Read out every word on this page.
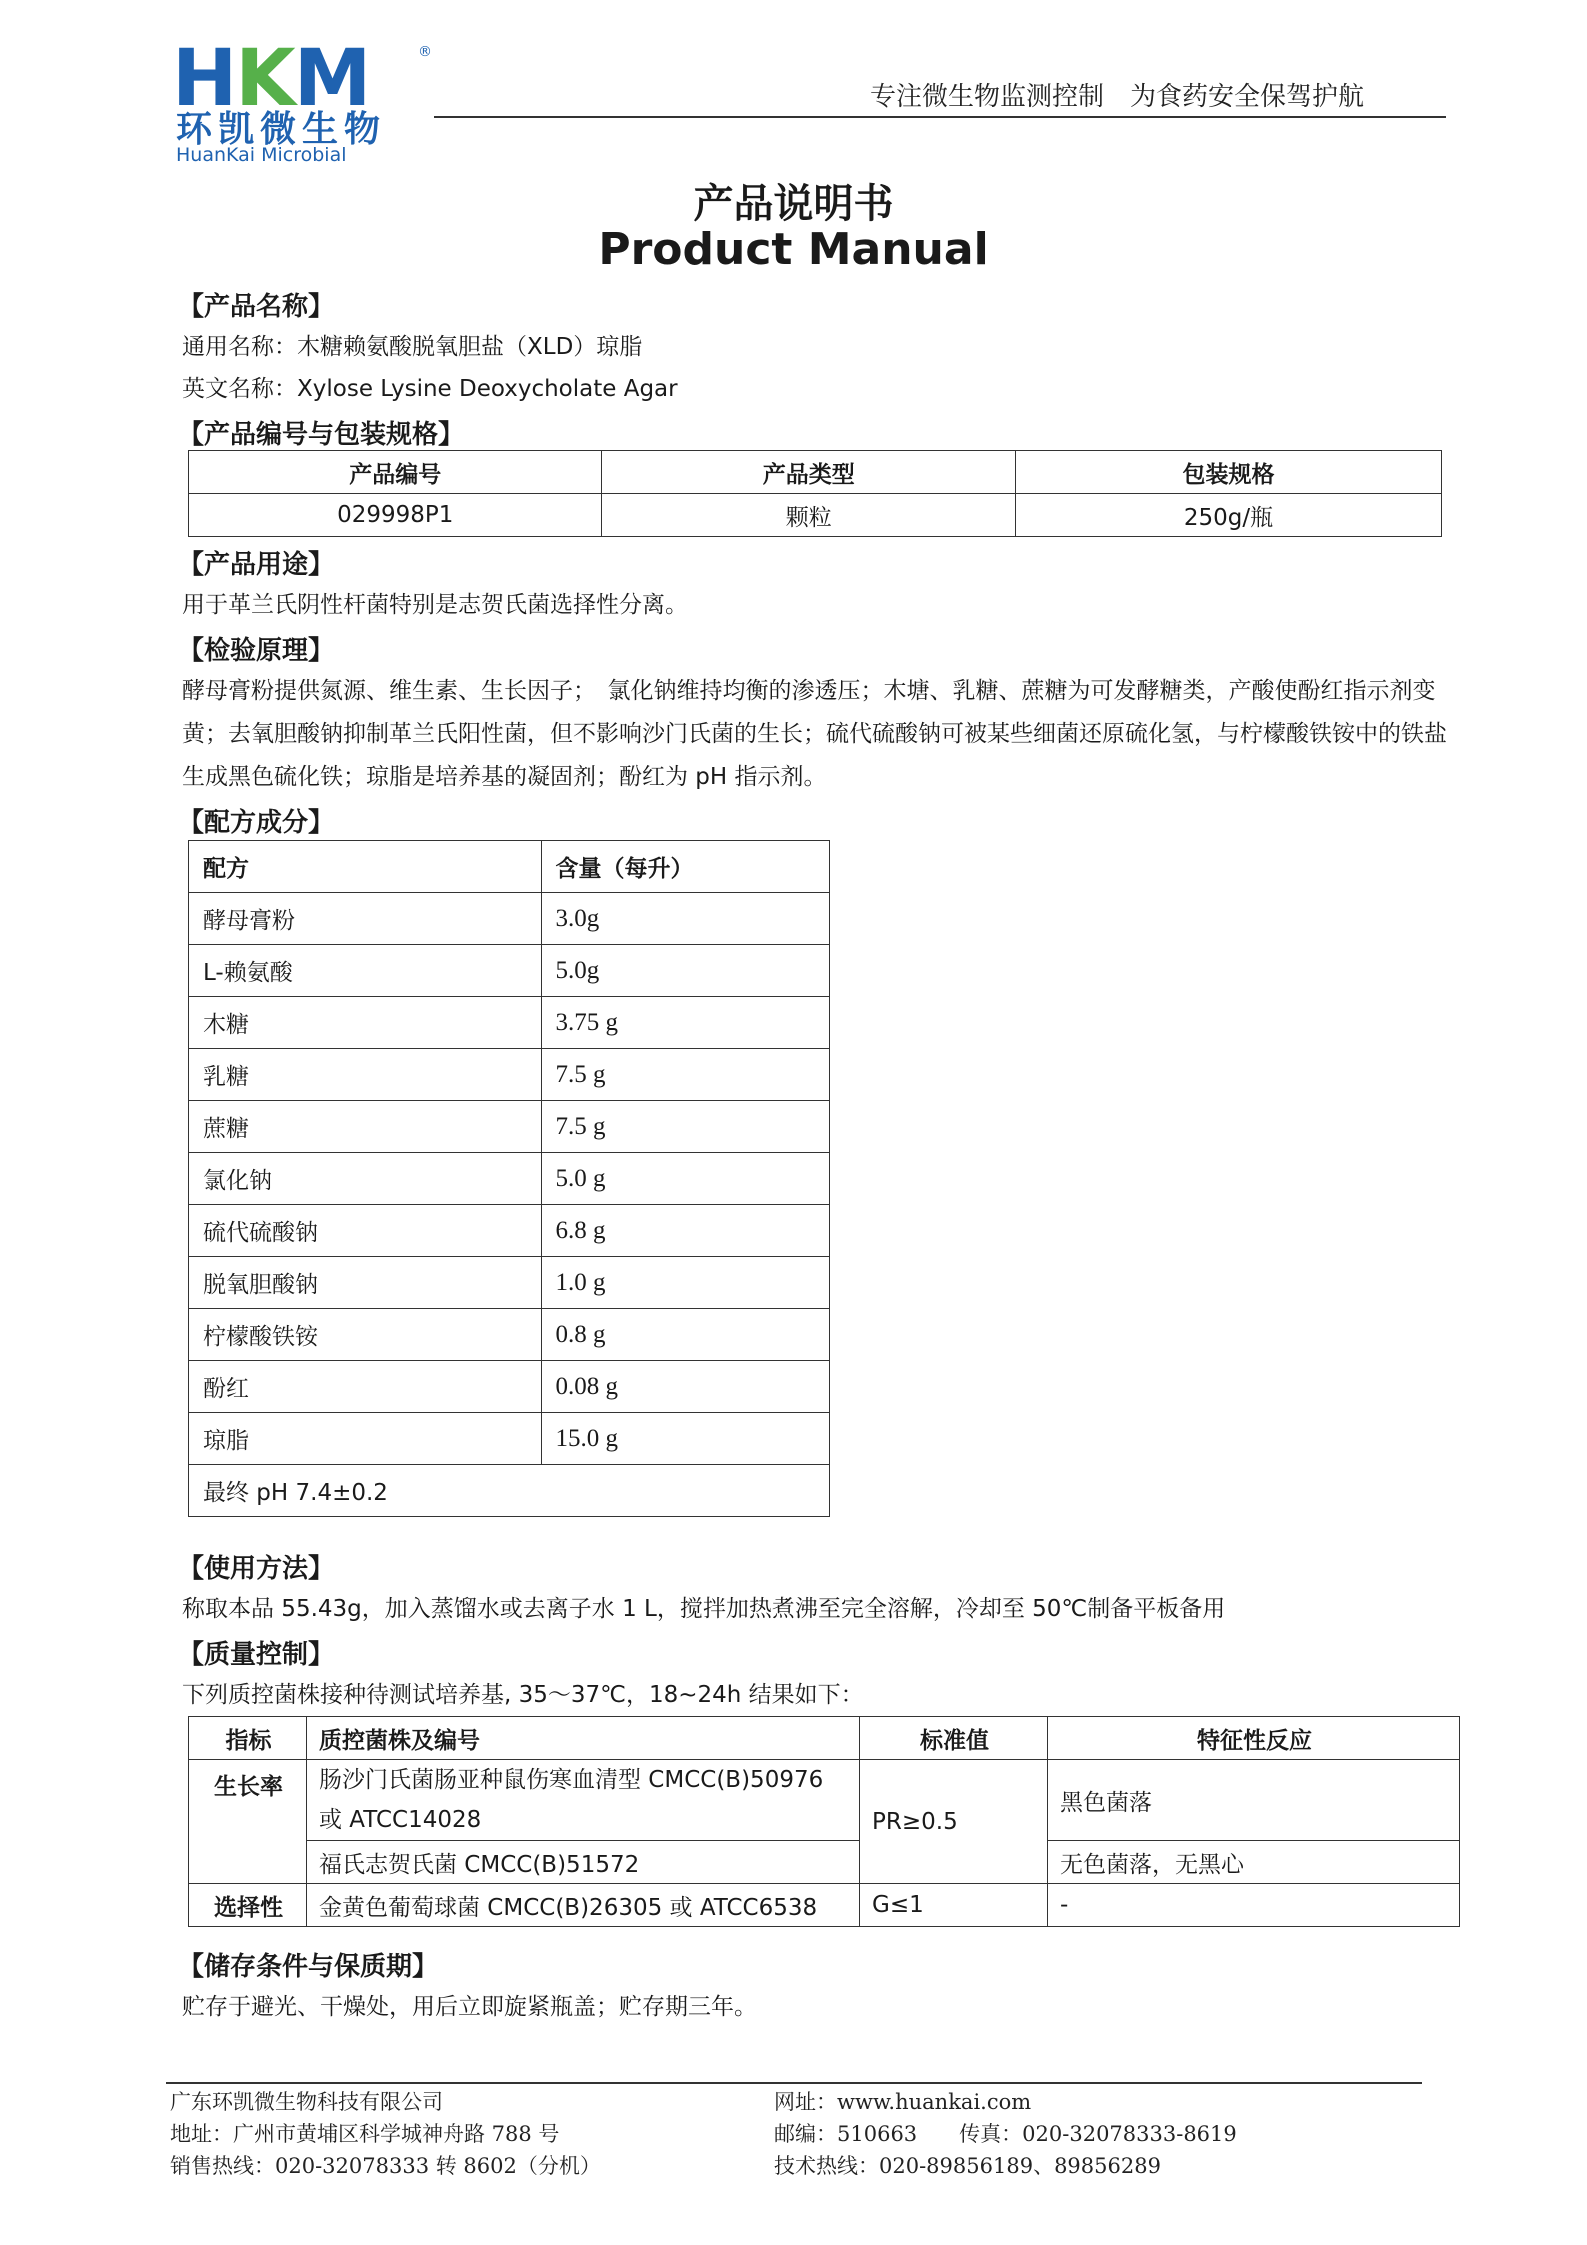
HKM	®
环凯微生物
HuanKai Microbial
专注微生物监测控制　为食药安全保驾护航
产品说明书
Product Manual
【产品名称】
通用名称：木糖赖氨酸脱氧胆盐（XLD）琼脂
英文名称：Xylose Lysine Deoxycholate Agar
【产品编号与包装规格】
产品编号	产品类型	包装规格
029998P1	颗粒	250g/瓶
【产品用途】
用于革兰氏阴性杆菌特别是志贺氏菌选择性分离。
【检验原理】
酵母膏粉提供氮源、维生素、生长因子；　氯化钠维持均衡的渗透压；木塘、乳糖、蔗糖为可发酵糖类，产酸使酚红指示剂变黄；去氧胆酸钠抑制革兰氏阳性菌，但不影响沙门氏菌的生长；硫代硫酸钠可被某些细菌还原硫化氢，与柠檬酸铁铵中的铁盐生成黑色硫化铁；琼脂是培养基的凝固剂；酚红为 pH 指示剂。
【配方成分】
配方	含量（每升）
酵母膏粉	3.0g
L-赖氨酸	5.0g
木糖	3.75 g
乳糖	7.5 g
蔗糖	7.5 g
氯化钠	5.0 g
硫代硫酸钠	6.8 g
脱氧胆酸钠	1.0 g
柠檬酸铁铵	0.8 g
酚红	0.08 g
琼脂	15.0 g
最终 pH 7.4±0.2	
【使用方法】
称取本品 55.43g，加入蒸馏水或去离子水 1 L，搅拌加热煮沸至完全溶解，冷却至 50℃制备平板备用
【质量控制】
下列质控菌株接种待测试培养基, 35～37℃，18~24h 结果如下：
指标	质控菌株及编号	标准值	特征性反应
生长率	肠沙门氏菌肠亚种鼠伤寒血清型 CMCC(B)50976
或 ATCC14028	PR≥0.5	黑色菌落
	福氏志贺氏菌 CMCC(B)51572		无色菌落，无黑心
选择性	金黄色葡萄球菌 CMCC(B)26305 或 ATCC6538	G≤1	-
【储存条件与保质期】
贮存于避光、干燥处，用后立即旋紧瓶盖；贮存期三年。
广东环凯微生物科技有限公司
地址：广州市黄埔区科学城神舟路 788 号
销售热线：020-32078333 转 8602（分机）
网址：www.huankai.com
邮编：510663　　传真：020-32078333-8619
技术热线：020-89856189、89856289
